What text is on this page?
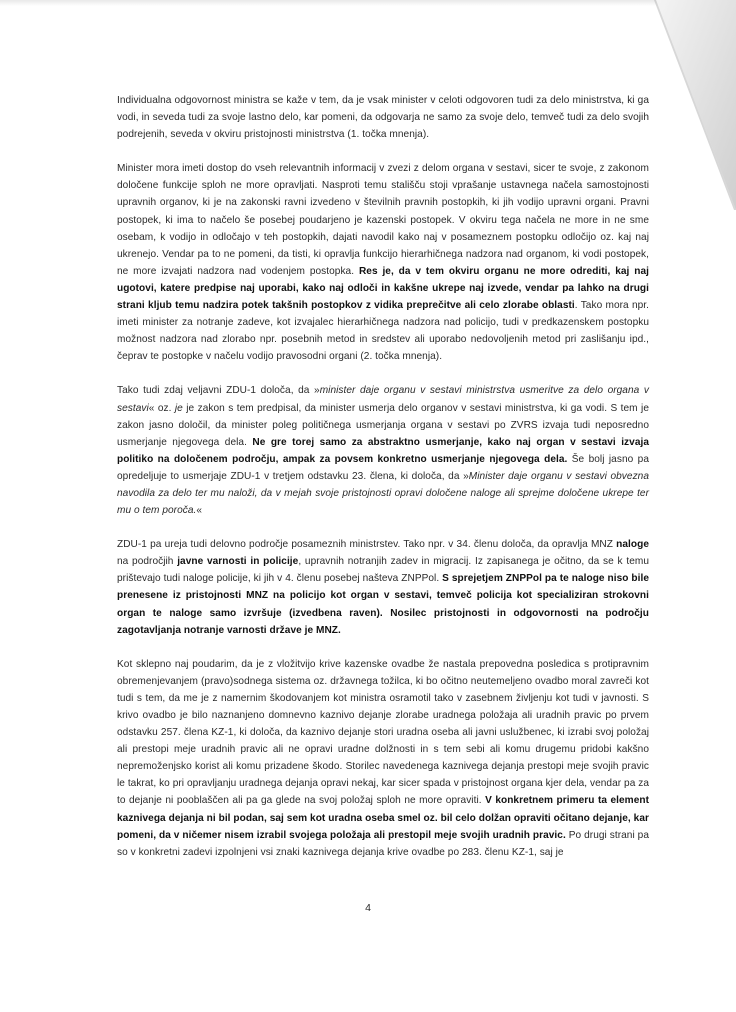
Individualna odgovornost ministra se kaže v tem, da je vsak minister v celoti odgovoren tudi za delo ministrstva, ki ga vodi, in seveda tudi za svoje lastno delo, kar pomeni, da odgovarja ne samo za svoje delo, temveč tudi za delo svojih podrejenih, seveda v okviru pristojnosti ministrstva (1. točka mnenja).

Minister mora imeti dostop do vseh relevantnih informacij v zvezi z delom organa v sestavi, sicer te svoje, z zakonom določene funkcije sploh ne more opravljati. Nasproti temu stališču stoji vprašanje ustavnega načela samostojnosti upravnih organov, ki je na zakonski ravni izvedeno v številnih pravnih postopkih, ki jih vodijo upravni organi. Pravni postopek, ki ima to načelo še posebej poudarjeno je kazenski postopek. V okviru tega načela ne more in ne sme osebam, k vodijo in odločajo v teh postopkih, dajati navodil kako naj v posameznem postopku odločijo oz. kaj naj ukrenejo. Vendar pa to ne pomeni, da tisti, ki opravlja funkcijo hierarhičnega nadzora nad organom, ki vodi postopek, ne more izvajati nadzora nad vodenjem postopka. Res je, da v tem okviru organu ne more odrediti, kaj naj ugotovi, katere predpise naj uporabi, kako naj odloči in kakšne ukrepe naj izvede, vendar pa lahko na drugi strani kljub temu nadzira potek takšnih postopkov z vidika preprečitve ali celo zlorabe oblasti. Tako mora npr. imeti minister za notranje zadeve, kot izvajalec hierarhičnega nadzora nad policijo, tudi v predkazenskem postopku možnost nadzora nad zlorabo npr. posebnih metod in sredstev ali uporabo nedovoljenih metod pri zaslišanju ipd., čeprav te postopke v načelu vodijo pravosodni organi (2. točka mnenja).

Tako tudi zdaj veljavni ZDU-1 določa, da »minister daje organu v sestavi ministrstva usmeritve za delo organa v sestavi« oz. je je zakon s tem predpisal, da minister usmerja delo organov v sestavi ministrstva, ki ga vodi. S tem je zakon jasno določil, da minister poleg političnega usmerjanja organa v sestavi po ZVRS izvaja tudi neposredno usmerjanje njegovega dela. Ne gre torej samo za abstraktno usmerjanje, kako naj organ v sestavi izvaja politiko na določenem področju, ampak za povsem konkretno usmerjanje njegovega dela. Še bolj jasno pa opredeljuje to usmerjaje ZDU-1 v tretjem odstavku 23. člena, ki določa, da »Minister daje organu v sestavi obvezna navodila za delo ter mu naloži, da v mejah svoje pristojnosti opravi določene naloge ali sprejme določene ukrepe ter mu o tem poroča.«

ZDU-1 pa ureja tudi delovno področje posameznih ministrstev. Tako npr. v 34. členu določa, da opravlja MNZ naloge na področjih javne varnosti in policije, upravnih notranjih zadev in migracij. Iz zapisanega je očitno, da se k temu prištevajo tudi naloge policije, ki jih v 4. členu posebej našteva ZNPPol. S sprejetjem ZNPPol pa te naloge niso bile prenesene iz pristojnosti MNZ na policijo kot organ v sestavi, temveč policija kot specializiran strokovni organ te naloge samo izvršuje (izvedbena raven). Nosilec pristojnosti in odgovornosti na področju zagotavljanja notranje varnosti države je MNZ.

Kot sklepno naj poudarim, da je z vložitvijo krive kazenske ovadbe že nastala prepovedna posledica s protipravnim obremenjevanjem (pravo)sodnega sistema oz. državnega tožilca, ki bo očitno neutemeljeno ovadbo moral zavreči kot tudi s tem, da me je z namernim škodovanjem kot ministra osramotil tako v zasebnem življenju kot tudi v javnosti. S krivo ovadbo je bilo naznanjeno domnevno kaznivo dejanje zlorabe uradnega položaja ali uradnih pravic po prvem odstavku 257. člena KZ-1, ki določa, da kaznivo dejanje stori uradna oseba ali javni uslužbenec, ki izrabi svoj položaj ali prestopi meje uradnih pravic ali ne opravi uradne dolžnosti in s tem sebi ali komu drugemu pridobi kakšno nepremoženjsko korist ali komu prizadene škodo. Storilec navedenega kaznivega dejanja prestopi meje svojih pravic le takrat, ko pri opravljanju uradnega dejanja opravi nekaj, kar sicer spada v pristojnost organa kjer dela, vendar pa za to dejanje ni pooblaščen ali pa ga glede na svoj položaj sploh ne more opraviti. V konkretnem primeru ta element kaznivega dejanja ni bil podan, saj sem kot uradna oseba smel oz. bil celo dolžan opraviti očitano dejanje, kar pomeni, da v ničemer nisem izrabil svojega položaja ali prestopil meje svojih uradnih pravic. Po drugi strani pa so v konkretni zadevi izpolnjeni vsi znaki kaznivega dejanja krive ovadbe po 283. členu KZ-1, saj je

4
